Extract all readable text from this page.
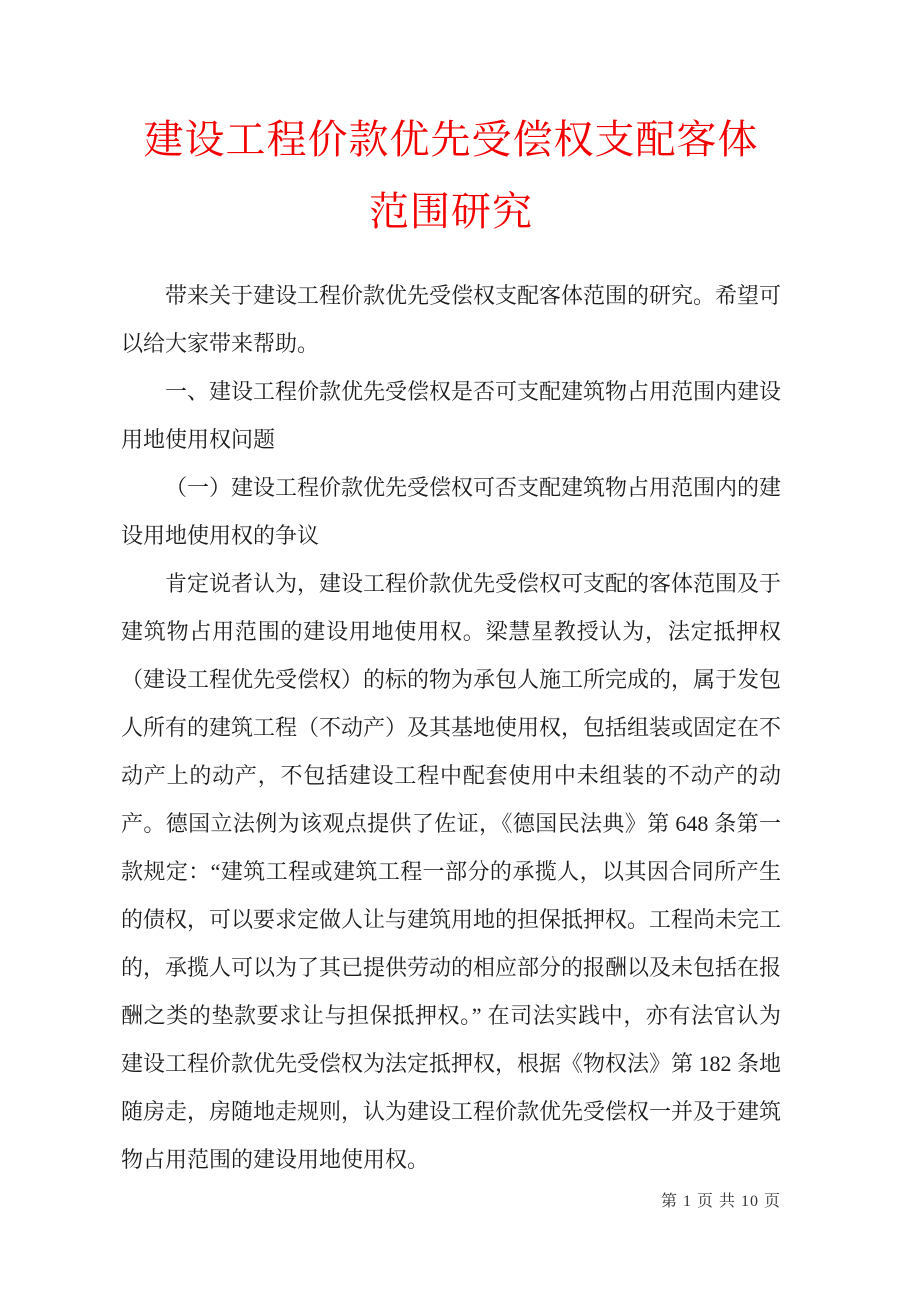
建设工程价款优先受偿权支配客体
范围研究

带来关于建设工程价款优先受偿权支配客体范围的研究。希望可以给大家带来帮助。

一、建设工程价款优先受偿权是否可支配建筑物占用范围内建设用地使用权问题

（一）建设工程价款优先受偿权可否支配建筑物占用范围内的建设用地使用权的争议

肯定说者认为，建设工程价款优先受偿权可支配的客体范围及于建筑物占用范围的建设用地使用权。梁慧星教授认为，法定抵押权（建设工程优先受偿权）的标的物为承包人施工所完成的，属于发包人所有的建筑工程（不动产）及其基地使用权，包括组装或固定在不动产上的动产，不包括建设工程中配套使用中未组装的不动产的动产。德国立法例为该观点提供了佐证，《德国民法典》第 648 条第一款规定：“建筑工程或建筑工程一部分的承揽人，以其因合同所产生的债权，可以要求定做人让与建筑用地的担保抵押权。工程尚未完工的，承揽人可以为了其已提供劳动的相应部分的报酬以及未包括在报酬之类的垫款要求让与担保抵押权。” 在司法实践中，亦有法官认为建设工程价款优先受偿权为法定抵押权，根据《物权法》第 182 条地随房走，房随地走规则，认为建设工程价款优先受偿权一并及于建筑物占用范围的建设用地使用权。

第 1 页 共 10 页
